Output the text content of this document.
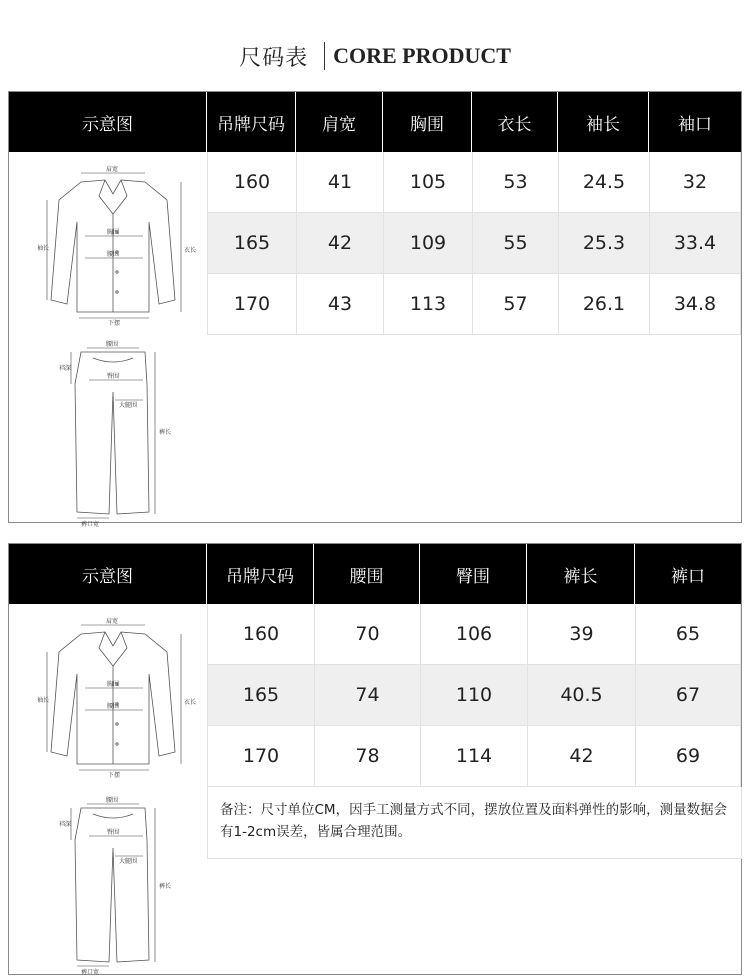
尺码表 CORE PRODUCT
示意图	吊牌尺码	肩宽	胸围	衣长	袖长	袖口
肩宽
袖长	衣长
胸围
腰围
下摆
腰围
裆深
臀围
大腿围
裤长
裤口宽
160	41	105	53	24.5	32
165	42	109	55	25.3	33.4
170	43	113	57	26.1	34.8
示意图	吊牌尺码	腰围	臀围	裤长	裤口
肩宽
袖长	衣长
胸围
腰围
下摆
腰围
裆深
臀围
大腿围
裤长
裤口宽
160	70	106	39	65
165	74	110	40.5	67
170	78	114	42	69
备注：尺寸单位CM，因手工测量方式不同，摆放位置及面料弹性的影响，测量数据会有1-2cm误差，皆属合理范围。
